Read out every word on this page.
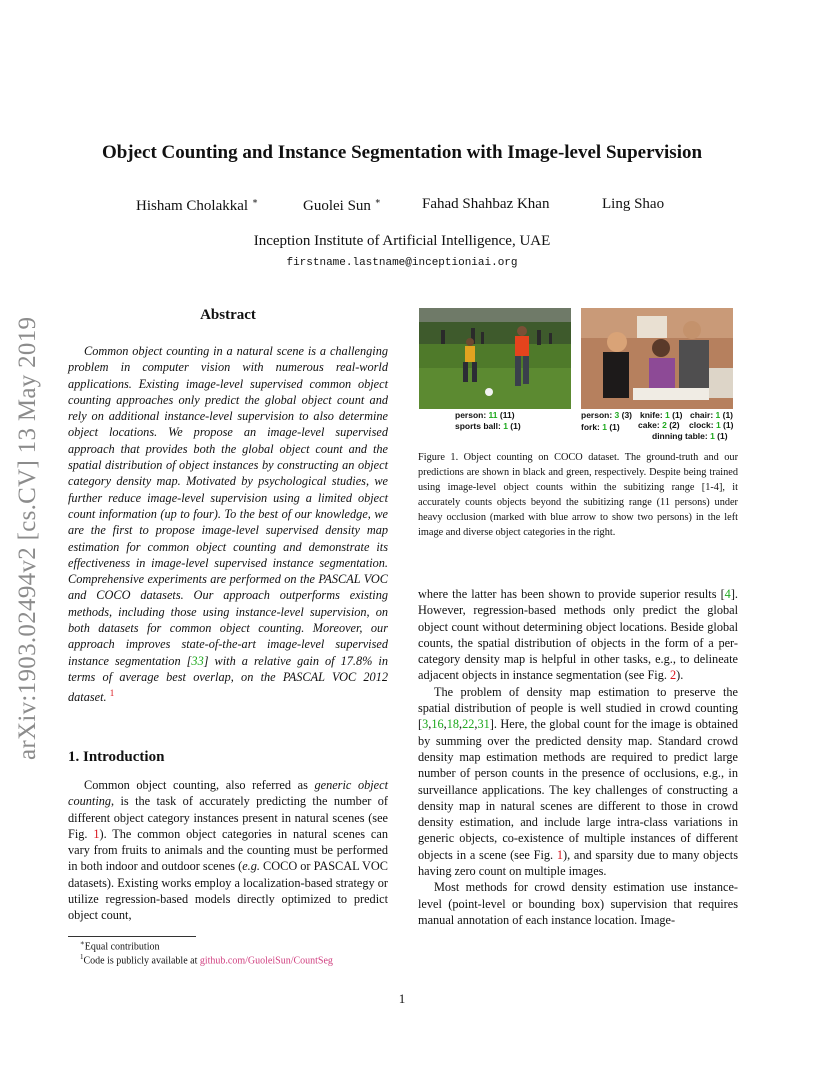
arXiv:1903.02494v2 [cs.CV] 13 May 2019
Object Counting and Instance Segmentation with Image-level Supervision
Hisham Cholakkal ∗	Guolei Sun ∗	Fahad Shahbaz Khan	Ling Shao
Inception Institute of Artificial Intelligence, UAE
firstname.lastname@inceptioniai.org
Abstract
Common object counting in a natural scene is a challenging problem in computer vision with numerous real-world applications. Existing image-level supervised common object counting approaches only predict the global object count and rely on additional instance-level supervision to also determine object locations. We propose an image-level supervised approach that provides both the global object count and the spatial distribution of object instances by constructing an object category density map. Motivated by psychological studies, we further reduce image-level supervision using a limited object count information (up to four). To the best of our knowledge, we are the first to propose image-level supervised density map estimation for common object counting and demonstrate its effectiveness in image-level supervised instance segmentation. Comprehensive experiments are performed on the PASCAL VOC and COCO datasets. Our approach outperforms existing methods, including those using instance-level supervision, on both datasets for common object counting. Moreover, our approach improves state-of-the-art image-level supervised instance segmentation [33] with a relative gain of 17.8% in terms of average best overlap, on the PASCAL VOC 2012 dataset. $^1$
1. Introduction
Common object counting, also referred as generic object counting, is the task of accurately predicting the number of different object category instances present in natural scenes (see Fig. 1). The common object categories in natural scenes can vary from fruits to animals and the counting must be performed in both indoor and outdoor scenes (e.g. COCO or PASCAL VOC datasets). Existing works employ a localization-based strategy or utilize regression-based models directly optimized to predict object count,
∗Equal contribution
$^1$Code is publicly available at github.com/GuoleiSun/CountSeg
person: 11 (11)
sports ball: 1 (1)
person: 3 (3) knife: 1 (1) chair: 1 (1)
fork: 1 (1) cake: 2 (2) clock: 1 (1)
dinning table: 1 (1)
Figure 1. Object counting on COCO dataset. The ground-truth and our predictions are shown in black and green, respectively. Despite being trained using image-level object counts within the subitizing range [1-4], it accurately counts objects beyond the subitizing range (11 persons) under heavy occlusion (marked with blue arrow to show two persons) in the left image and diverse object categories in the right.

where the latter has been shown to provide superior results [4]. However, regression-based methods only predict the global object count without determining object locations. Beside global counts, the spatial distribution of objects in the form of a per-category density map is helpful in other tasks, e.g., to delineate adjacent objects in instance segmentation (see Fig. 2).

The problem of density map estimation to preserve the spatial distribution of people is well studied in crowd counting [3,16,18,22,31]. Here, the global count for the image is obtained by summing over the predicted density map. Standard crowd density map estimation methods are required to predict large number of person counts in the presence of occlusions, e.g., in surveillance applications. The key challenges of constructing a density map in natural scenes are different to those in crowd density estimation, and include large intra-class variations in generic objects, co-existence of multiple instances of different objects in a scene (see Fig. 1), and sparsity due to many objects having zero count on multiple images.

Most methods for crowd density estimation use instance-level (point-level or bounding box) supervision that requires manual annotation of each instance location. Image-

1
